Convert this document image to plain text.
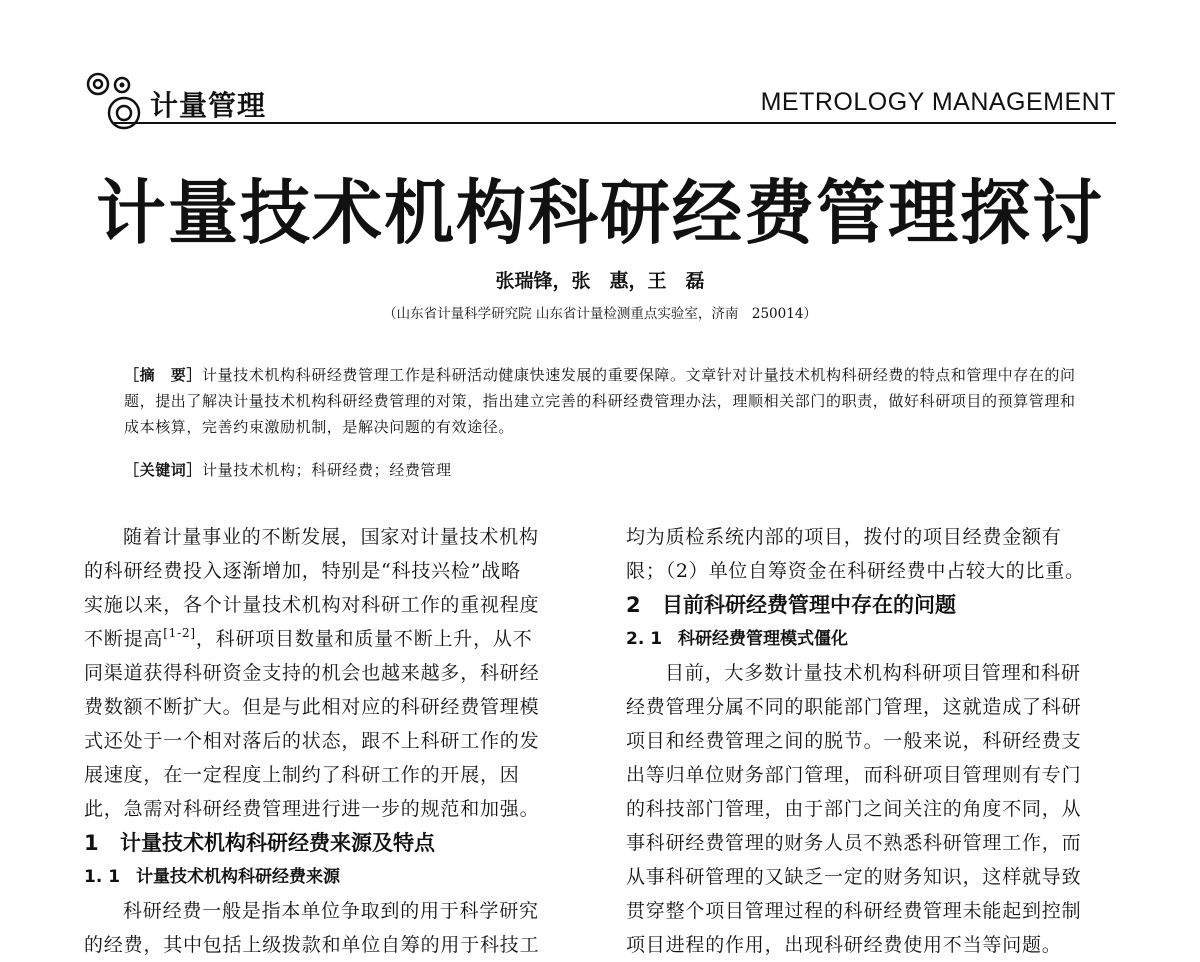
计量管理	METROLOGY MANAGEMENT
计量技术机构科研经费管理探讨
张瑞锋，张　惠，王　磊
（山东省计量科学研究院 山东省计量检测重点实验室，济南　250014）
［摘　要］计量技术机构科研经费管理工作是科研活动健康快速发展的重要保障。文章针对计量技术机构科研经费的特点和管理中存在的问题，提出了解决计量技术机构科研经费管理的对策，指出建立完善的科研经费管理办法，理顺相关部门的职责，做好科研项目的预算管理和成本核算，完善约束激励机制，是解决问题的有效途径。
［关键词］计量技术机构；科研经费；经费管理
随着计量事业的不断发展，国家对计量技术机构
的科研经费投入逐渐增加，特别是“科技兴检”战略
实施以来，各个计量技术机构对科研工作的重视程度
不断提高[1-2]，科研项目数量和质量不断上升，从不
同渠道获得科研资金支持的机会也越来越多，科研经
费数额不断扩大。但是与此相对应的科研经费管理模
式还处于一个相对落后的状态，跟不上科研工作的发
展速度，在一定程度上制约了科研工作的开展，因
此，急需对科研经费管理进行进一步的规范和加强。
1 计量技术机构科研经费来源及特点
1. 1 计量技术机构科研经费来源
科研经费一般是指本单位争取到的用于科学研究
的经费，其中包括上级拨款和单位自筹的用于科技工
均为质检系统内部的项目，拨付的项目经费金额有
限；（2）单位自筹资金在科研经费中占较大的比重。
2 目前科研经费管理中存在的问题
2. 1 科研经费管理模式僵化
目前，大多数计量技术机构科研项目管理和科研
经费管理分属不同的职能部门管理，这就造成了科研
项目和经费管理之间的脱节。一般来说，科研经费支
出等归单位财务部门管理，而科研项目管理则有专门
的科技部门管理，由于部门之间关注的角度不同，从
事科研经费管理的财务人员不熟悉科研管理工作，而
从事科研管理的又缺乏一定的财务知识，这样就导致
贯穿整个项目管理过程的科研经费管理未能起到控制
项目进程的作用，出现科研经费使用不当等问题。
